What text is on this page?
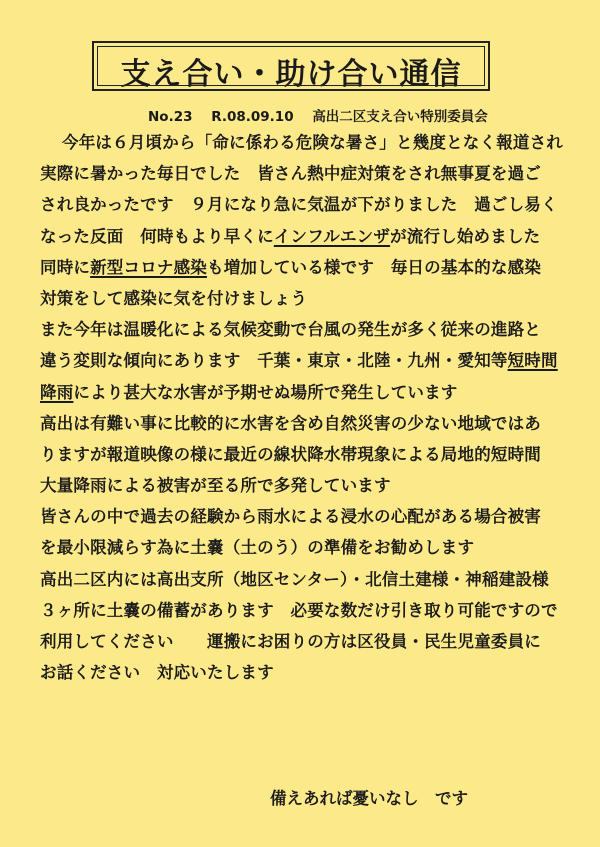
支え合い・助け合い通信
No.23 R.08.09.10 高出二区支え合い特別委員会
今年は６月頃から「命に係わる危険な暑さ」と幾度となく報道され
実際に暑かった毎日でした　皆さん熱中症対策をされ無事夏を過ご
され良かったです　９月になり急に気温が下がりました　過ごし易く
なった反面　何時もより早くにインフルエンザが流行し始めました
同時に新型コロナ感染も増加している様です　毎日の基本的な感染
対策をして感染に気を付けましょう
また今年は温暖化による気候変動で台風の発生が多く従来の進路と
違う変則な傾向にあります　千葉・東京・北陸・九州・愛知等短時間
降雨により甚大な水害が予期せぬ場所で発生しています
高出は有難い事に比較的に水害を含め自然災害の少ない地域ではあ
りますが報道映像の様に最近の線状降水帯現象による局地的短時間
大量降雨による被害が至る所で多発しています
皆さんの中で過去の経験から雨水による浸水の心配がある場合被害
を最小限減らす為に土嚢（土のう）の準備をお勧めします
高出二区内には高出支所（地区センター）・北信土建様・神稲建設様
３ヶ所に土嚢の備蓄があります　必要な数だけ引き取り可能ですので
利用してください　　運搬にお困りの方は区役員・民生児童委員に
お話ください　対応いたします
備えあれば憂いなし　です
